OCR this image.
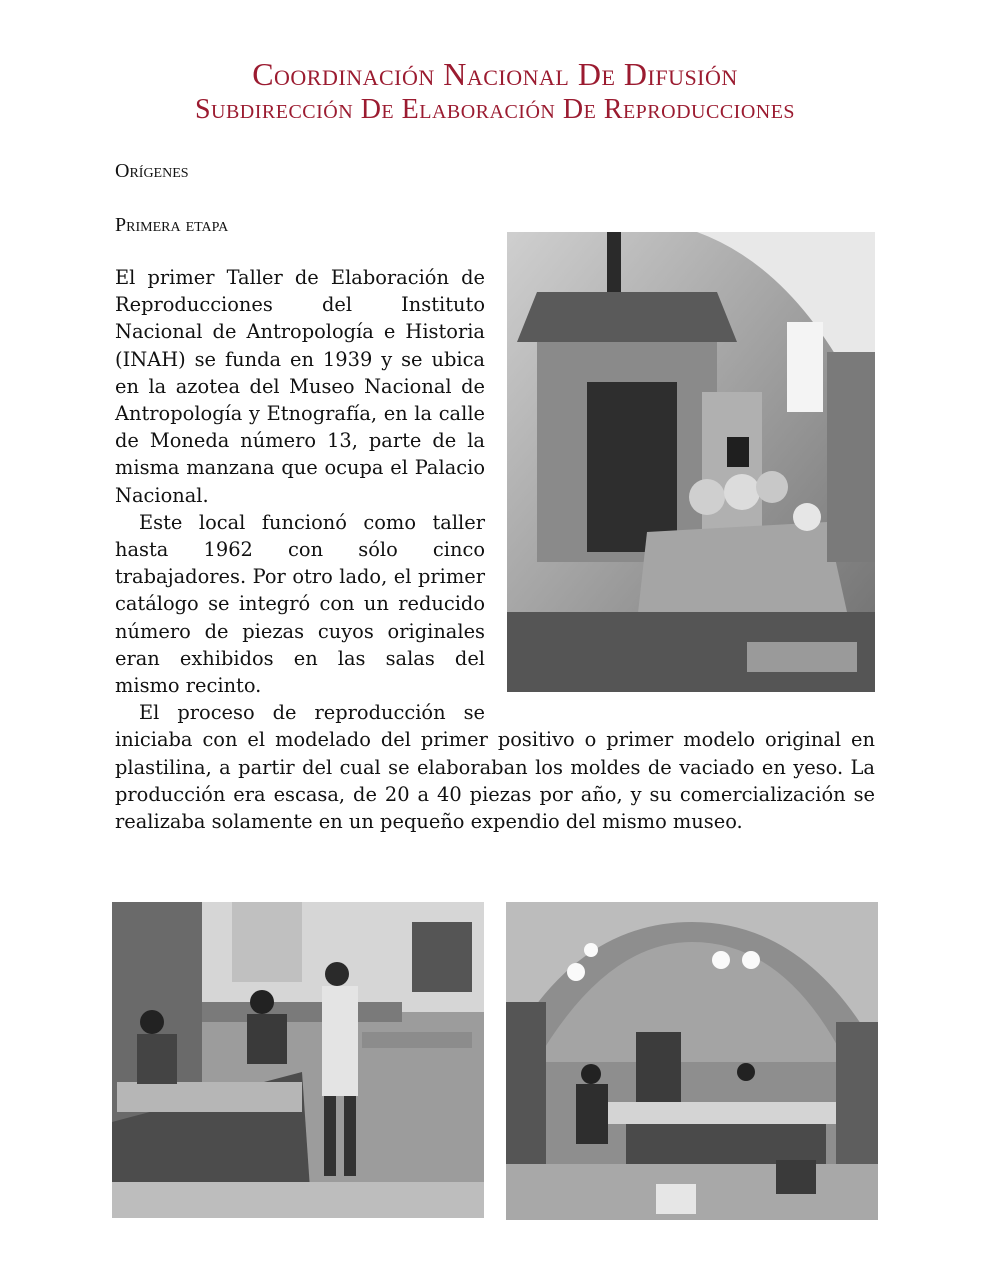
Coordinación Nacional De Difusión
Subdirección De Elaboración De Reproducciones
Orígenes
Primera etapa

El primer Taller de Elaboración de Reproducciones del Instituto Nacional de Antropología e Historia (INAH) se funda en 1939 y se ubica en la azotea del Museo Nacional de Antropología y Etnografía, en la calle de Moneda número 13, parte de la misma manzana que ocupa el Palacio Nacional.

Este local funcionó como taller hasta 1962 con sólo cinco trabajadores. Por otro lado, el primer catálogo se integró con un reducido número de piezas cuyos originales eran exhibidos en las salas del mismo recinto.

El proceso de reproducción se iniciaba con el modelado del primer positivo o primer modelo original en plastilina, a partir del cual se elaboraban los moldes de vaciado en yeso. La producción era escasa, de 20 a 40 piezas por año, y su comercialización se realizaba solamente en un pequeño expendio del mismo museo.
